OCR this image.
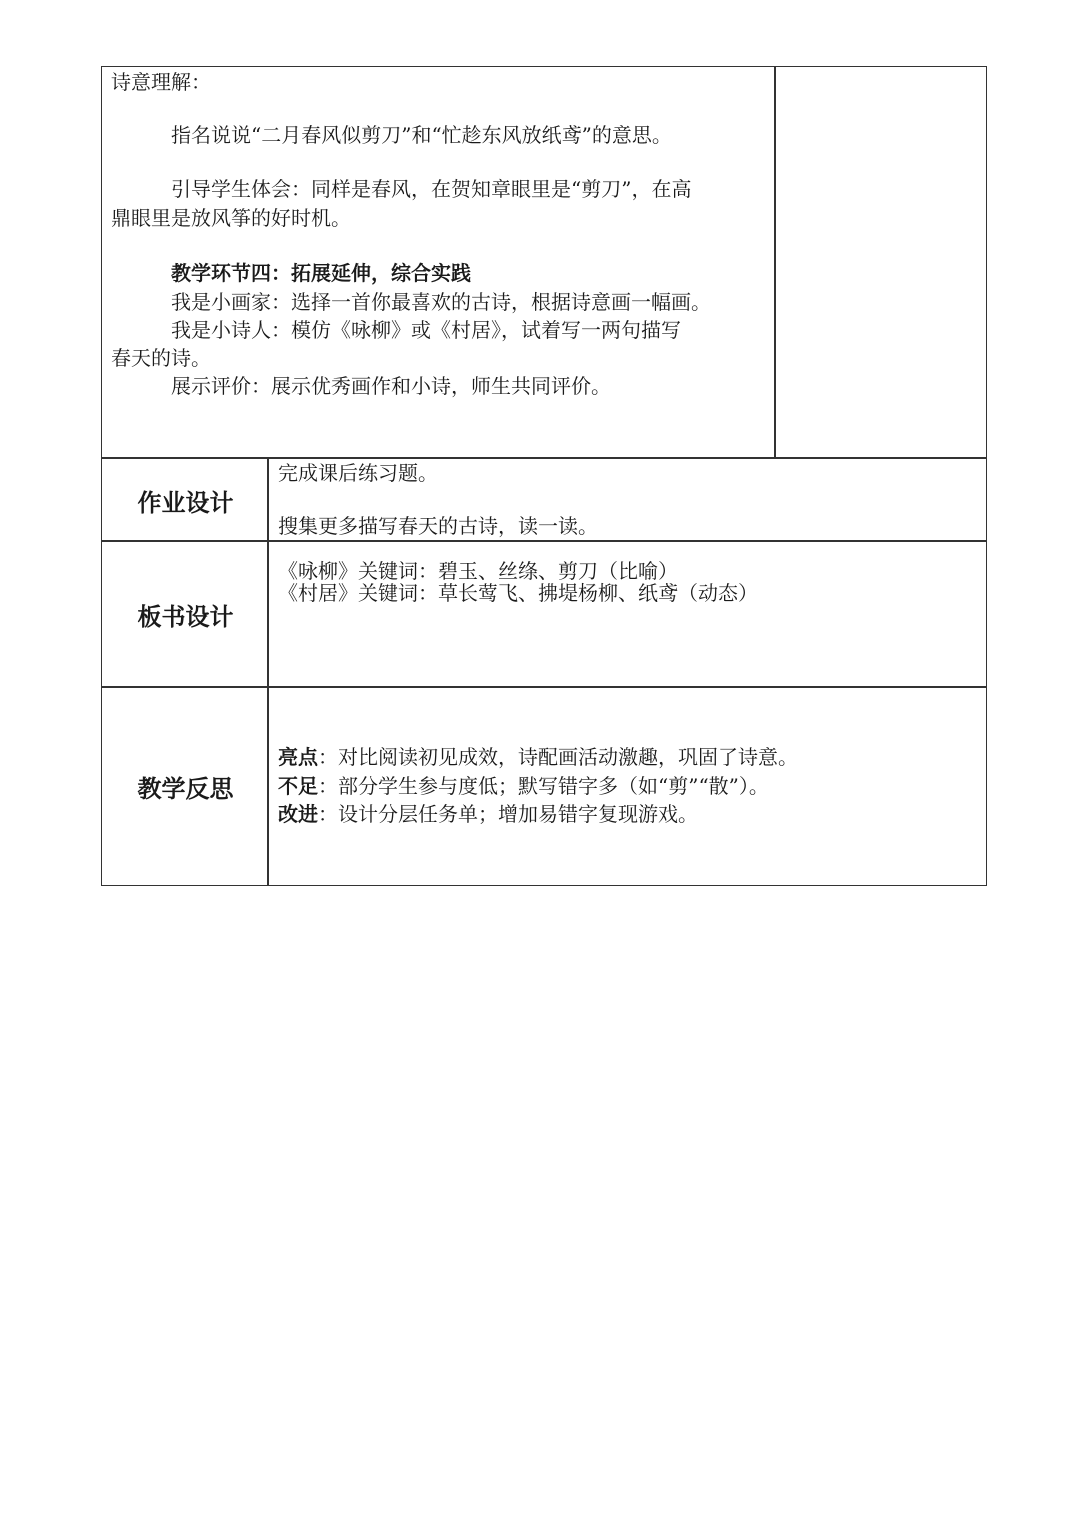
诗意理解：
指名说说“二月春风似剪刀”和“忙趁东风放纸鸢”的意思。
引导学生体会：同样是春风，在贺知章眼里是“剪刀”，在高
鼎眼里是放风筝的好时机。
教学环节四：拓展延伸，综合实践
我是小画家：选择一首你最喜欢的古诗，根据诗意画一幅画。
我是小诗人：模仿《咏柳》或《村居》，试着写一两句描写
春天的诗。
展示评价：展示优秀画作和小诗，师生共同评价。
作业设计
完成课后练习题。
搜集更多描写春天的古诗，读一读。
板书设计
《咏柳》关键词：碧玉、丝绦、剪刀（比喻）
《村居》关键词：草长莺飞、拂堤杨柳、纸鸢（动态）
教学反思
亮点：对比阅读初见成效，诗配画活动激趣，巩固了诗意。
不足：部分学生参与度低；默写错字多（如“剪”“散”）。
改进：设计分层任务单；增加易错字复现游戏。
